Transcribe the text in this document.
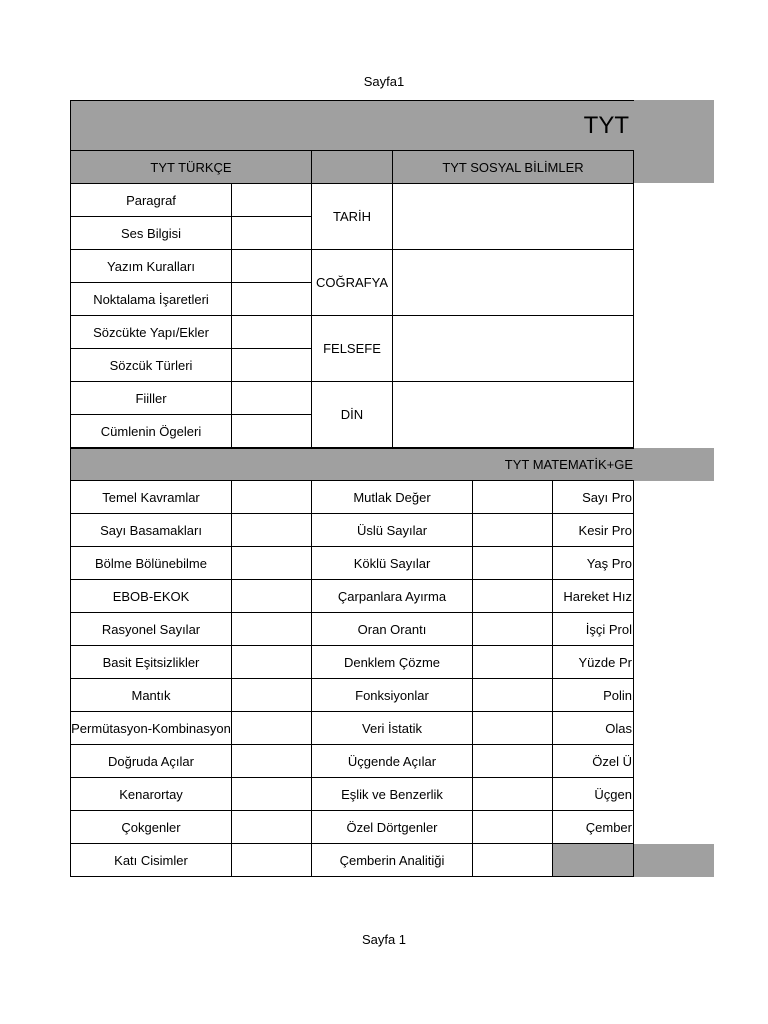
Sayfa1
TYT
TYT TÜRKÇE	TYT SOSYAL BİLİMLER
Paragraf
Ses Bilgisi
Yazım Kuralları
Noktalama İşaretleri
Sözcükte Yapı/Ekler
Sözcük Türleri
Fiiller
Cümlenin Ögeleri
TARİH
COĞRAFYA
FELSEFE
DİN
TYT MATEMATİK+GE
Temel Kavramlar
Sayı Basamakları
Bölme Bölünebilme
EBOB-EKOK
Rasyonel Sayılar
Basit Eşitsizlikler
Mantık
Permütasyon-Kombinasyon
Doğruda Açılar
Kenarortay
Çokgenler
Katı Cisimler
Mutlak Değer
Üslü Sayılar
Köklü Sayılar
Çarpanlara Ayırma
Oran Orantı
Denklem Çözme
Fonksiyonlar
Veri İstatik
Üçgende Açılar
Eşlik ve Benzerlik
Özel Dörtgenler
Çemberin Analitiği
Sayı Pro
Kesir Pro
Yaş Pro
Hareket Hız
İşçi Prol
Yüzde Pr
Polin
Olas
Özel Ü
Üçgen
Çember
Sayfa 1
